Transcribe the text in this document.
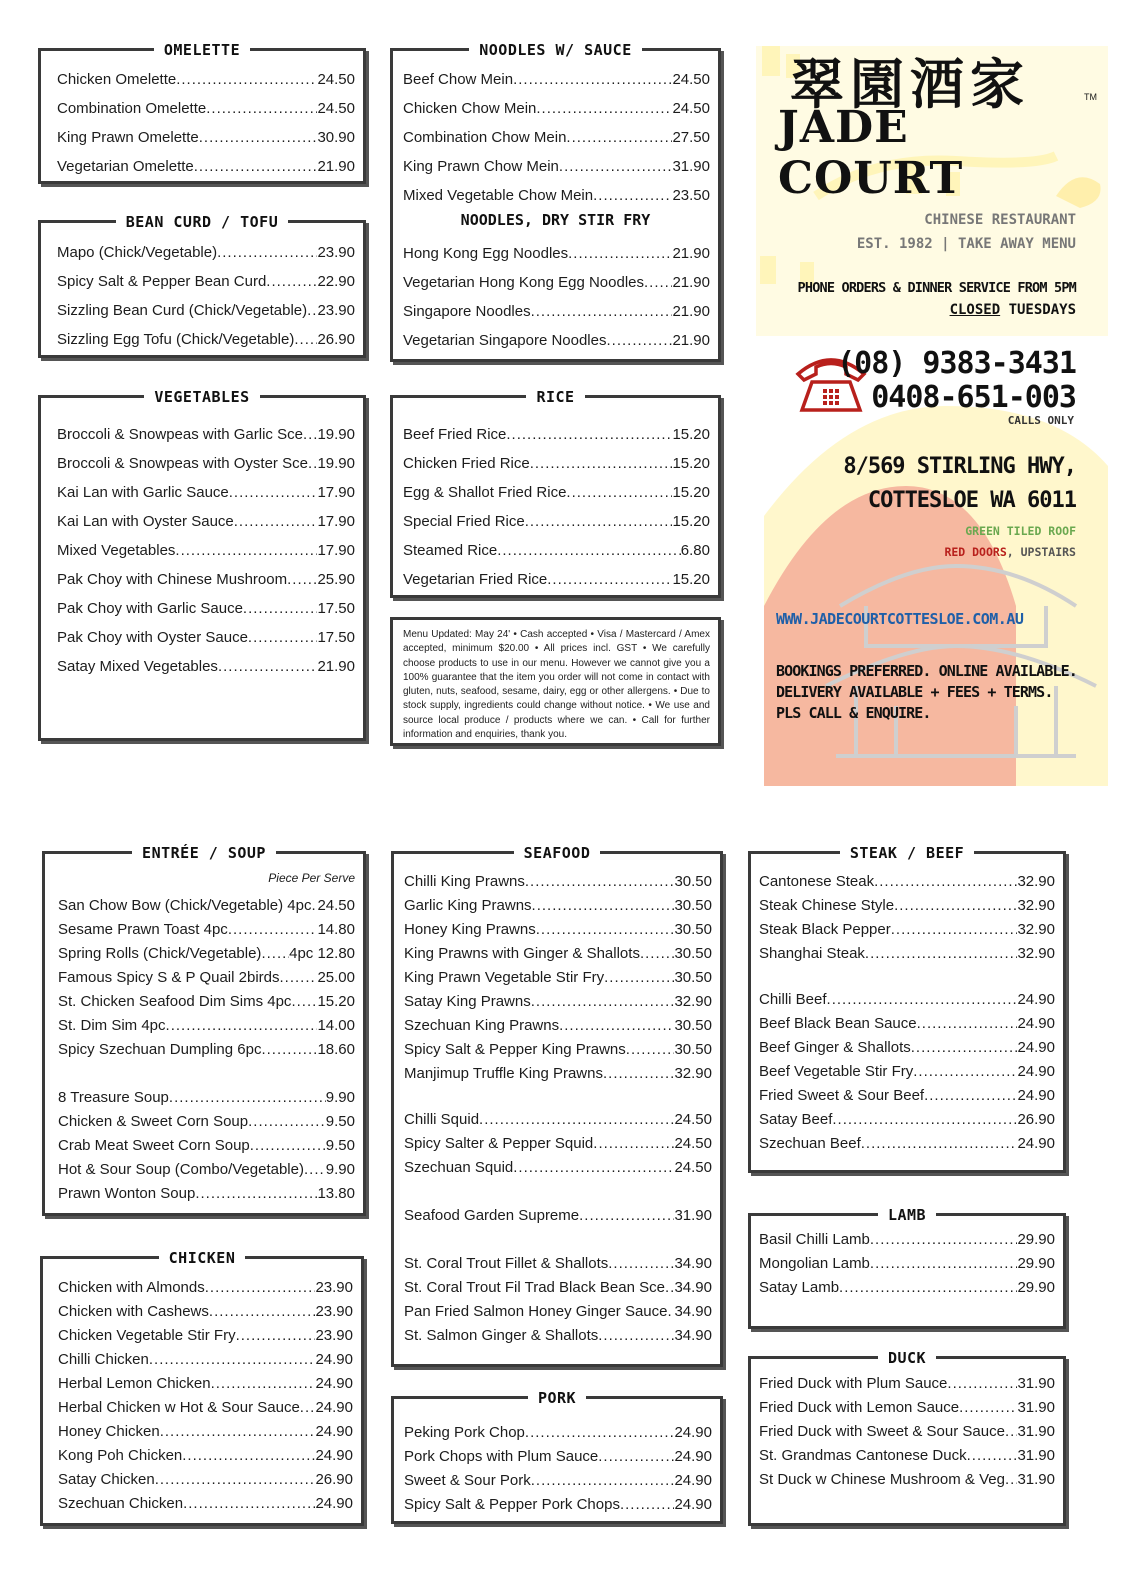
OMELETTE
Chicken Omelette .....	24.50
Combination Omelette .....	24.50
King Prawn Omelette .....	30.90
Vegetarian Omelette .....	21.90
BEAN CURD / TOFU
Mapo (Chick/Vegetable) .....	23.90
Spicy Salt & Pepper Bean Curd .....	22.90
Sizzling Bean Curd (Chick/Vegetable) ..... 23.90
Sizzling Egg Tofu (Chick/Vegetable) ..... 26.90
VEGETABLES
Broccoli & Snowpeas with Garlic Sce ..... 19.90
Broccoli & Snowpeas with Oyster Sce ..... 19.90
Kai Lan with Garlic Sauce .....	17.90
Kai Lan with Oyster Sauce .....	17.90
Mixed Vegetables .....	17.90
Pak Choy with Chinese Mushroom ..... 25.90
Pak Choy with Garlic Sauce .....	17.50
Pak Choy with Oyster Sauce .....	17.50
Satay Mixed Vegetables .....	21.90
NOODLES W/ SAUCE
Beef Chow Mein .....	24.50
Chicken Chow Mein .....	24.50
Combination Chow Mein .....	27.50
King Prawn Chow Mein .....	31.90
Mixed Vegetable Chow Mein .....	23.50
NOODLES, DRY STIR FRY
Hong Kong Egg Noodles .....	21.90
Vegetarian Hong Kong Egg Noodles ..... 21.90
Singapore Noodles .....	21.90
Vegetarian Singapore Noodles .....	21.90
RICE
Beef Fried Rice .....	15.20
Chicken Fried Rice .....	15.20
Egg & Shallot Fried Rice .....	15.20
Special Fried Rice .....	15.20
Steamed Rice .....	6.80
Vegetarian Fried Rice .....	15.20
Menu Updated: May 24' • Cash accepted • Visa / Mastercard / Amex accepted, minimum $20.00 • All prices incl. GST • We carefully choose products to use in our menu. However we cannot give you a 100% guarantee that the item you order will not come in contact with gluten, nuts, seafood, sesame, dairy, egg or other allergens. • Due to stock supply, ingredients could change without notice. • We use and source local produce / products where we can. • Call for further information and enquiries, thank you.
翠園酒家
JADE COURT
TM
CHINESE RESTAURANT
EST. 1982 | TAKE AWAY MENU
PHONE ORDERS & DINNER SERVICE FROM 5PM
CLOSED TUESDAYS
(08) 9383-3431
0408-651-003
CALLS ONLY
8/569 STIRLING HWY,
COTTESLOE WA 6011
GREEN TILED ROOF
RED DOORS, UPSTAIRS
WWW.JADECOURTCOTTESLOE.COM.AU
BOOKINGS PREFERRED. ONLINE AVAILABLE.
DELIVERY AVAILABLE + FEES + TERMS.
PLS CALL & ENQUIRE.
ENTRÉE / SOUP
Piece Per Serve
San Chow Bow (Chick/Vegetable) 4pc ..... 24.50
Sesame Prawn Toast 4pc .....	14.80
Spring Rolls (Chick/Vegetable) ..... 4pc 12.80
Famous Spicy S & P Quail 2birds .....	25.00
St. Chicken Seafood Dim Sims 4pc ..... 15.20
St. Dim Sim 4pc .....	14.00
Spicy Szechuan Dumpling 6pc .....	18.60
8 Treasure Soup .....	9.90
Chicken & Sweet Corn Soup .....	9.50
Crab Meat Sweet Corn Soup .....	9.50
Hot & Sour Soup (Combo/Vegetable) ..... 9.90
Prawn Wonton Soup .....	13.80
CHICKEN
Chicken with Almonds .....	23.90
Chicken with Cashews .....	23.90
Chicken Vegetable Stir Fry .....	23.90
Chilli Chicken .....	24.90
Herbal Lemon Chicken .....	24.90
Herbal Chicken w Hot & Sour Sauce ..... 24.90
Honey Chicken .....	24.90
Kong Poh Chicken .....	24.90
Satay Chicken .....	26.90
Szechuan Chicken .....	24.90
SEAFOOD
Chilli King Prawns .....	30.50
Garlic King Prawns .....	30.50
Honey King Prawns .....	30.50
King Prawns with Ginger & Shallots ..... 30.50
King Prawn Vegetable Stir Fry .....	30.50
Satay King Prawns .....	32.90
Szechuan King Prawns .....	30.50
Spicy Salt & Pepper King Prawns .....	30.50
Manjimup Truffle King Prawns .....	32.90
Chilli Squid .....	24.50
Spicy Salter & Pepper Squid .....	24.50
Szechuan Squid .....	24.50
Seafood Garden Supreme .....	31.90
St. Coral Trout Fillet & Shallots .....	34.90
St. Coral Trout Fil Trad Black Bean Sce ..... 34.90
Pan Fried Salmon Honey Ginger Sauce ..... 34.90
St. Salmon Ginger & Shallots .....	34.90
PORK
Peking Pork Chop .....	24.90
Pork Chops with Plum Sauce .....	24.90
Sweet & Sour Pork .....	24.90
Spicy Salt & Pepper Pork Chops .....	24.90
STEAK / BEEF
Cantonese Steak .....	32.90
Steak Chinese Style .....	32.90
Steak Black Pepper .....	32.90
Shanghai Steak .....	32.90
Chilli Beef .....	24.90
Beef Black Bean Sauce .....	24.90
Beef Ginger & Shallots .....	24.90
Beef Vegetable Stir Fry .....	24.90
Fried Sweet & Sour Beef .....	24.90
Satay Beef .....	26.90
Szechuan Beef .....	24.90
LAMB
Basil Chilli Lamb .....	29.90
Mongolian Lamb .....	29.90
Satay Lamb .....	29.90
DUCK
Fried Duck with Plum Sauce .....	31.90
Fried Duck with Lemon Sauce .....	31.90
Fried Duck with Sweet & Sour Sauce ..... 31.90
St. Grandmas Cantonese Duck .....	31.90
St Duck w Chinese Mushroom & Veg ..... 31.90
